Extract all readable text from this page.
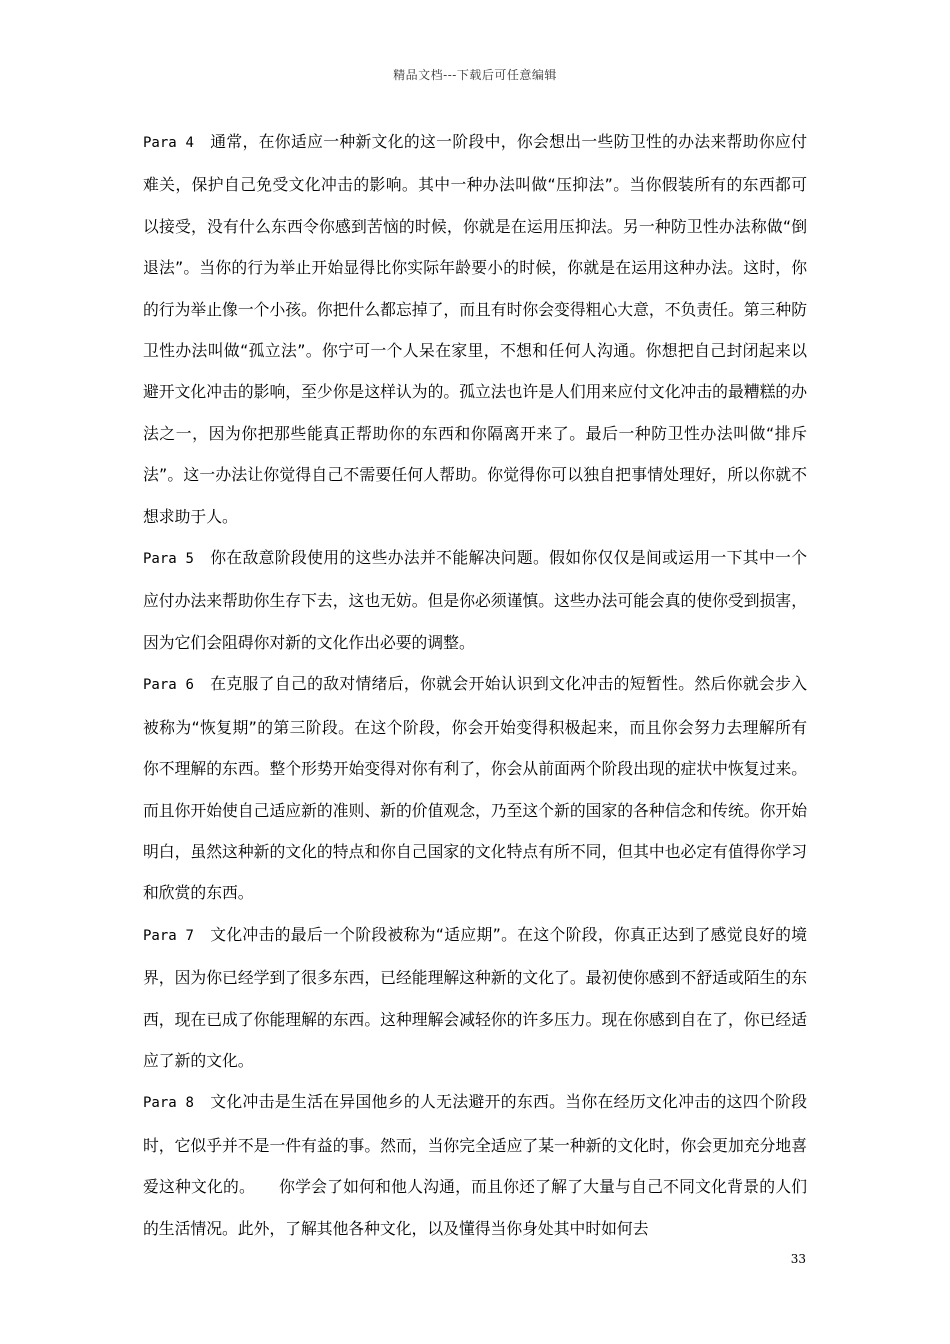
精品文档---下载后可任意编辑

Para 4 通常，在你适应一种新文化的这一阶段中，你会想出一些防卫性的办法来帮助你应付难关，保护自己免受文化冲击的影响。其中一种办法叫做“压抑法”。当你假装所有的东西都可以接受，没有什么东西令你感到苦恼的时候，你就是在运用压抑法。另一种防卫性办法称做“倒退法”。当你的行为举止开始显得比你实际年龄要小的时候，你就是在运用这种办法。这时，你的行为举止像一个小孩。你把什么都忘掉了，而且有时你会变得粗心大意，不负责任。第三种防卫性办法叫做“孤立法”。你宁可一个人呆在家里，不想和任何人沟通。你想把自己封闭起来以避开文化冲击的影响，至少你是这样认为的。孤立法也许是人们用来应付文化冲击的最糟糕的办法之一，因为你把那些能真正帮助你的东西和你隔离开来了。最后一种防卫性办法叫做“排斥法”。这一办法让你觉得自己不需要任何人帮助。你觉得你可以独自把事情处理好，所以你就不想求助于人。

Para 5 你在敌意阶段使用的这些办法并不能解决问题。假如你仅仅是间或运用一下其中一个应付办法来帮助你生存下去，这也无妨。但是你必须谨慎。这些办法可能会真的使你受到损害，因为它们会阻碍你对新的文化作出必要的调整。

Para 6 在克服了自己的敌对情绪后，你就会开始认识到文化冲击的短暂性。然后你就会步入被称为“恢复期”的第三阶段。在这个阶段，你会开始变得积极起来，而且你会努力去理解所有你不理解的东西。整个形势开始变得对你有利了，你会从前面两个阶段出现的症状中恢复过来。而且你开始使自己适应新的准则、新的价值观念，乃至这个新的国家的各种信念和传统。你开始明白，虽然这种新的文化的特点和你自己国家的文化特点有所不同，但其中也必定有值得你学习和欣赏的东西。

Para 7 文化冲击的最后一个阶段被称为“适应期”。在这个阶段，你真正达到了感觉良好的境界，因为你已经学到了很多东西，已经能理解这种新的文化了。最初使你感到不舒适或陌生的东西，现在已成了你能理解的东西。这种理解会减轻你的许多压力。现在你感到自在了，你已经适应了新的文化。

Para 8 文化冲击是生活在异国他乡的人无法避开的东西。当你在经历文化冲击的这四个阶段时，它似乎并不是一件有益的事。然而，当你完全适应了某一种新的文化时，你会更加充分地喜爱这种文化的。　　你学会了如何和他人沟通，而且你还了解了大量与自己不同文化背景的人们的生活情况。此外，了解其他各种文化，以及懂得当你身处其中时如何去

33
